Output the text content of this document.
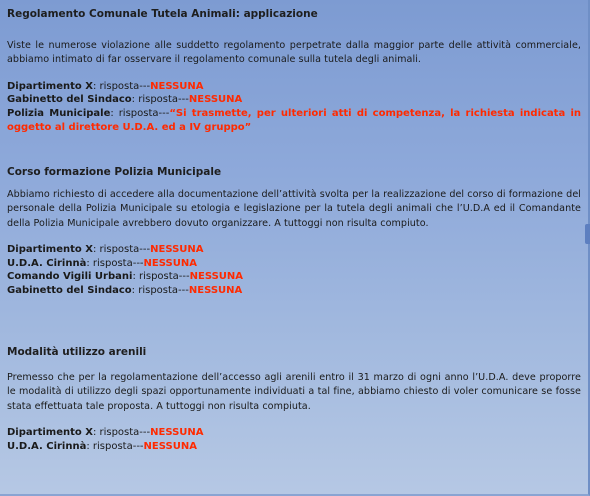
Regolamento Comunale Tutela Animali: applicazione

Viste le numerose violazione alle suddetto regolamento perpetrate dalla maggior parte delle attività commerciale, abbiamo intimato di far osservare il regolamento comunale sulla tutela degli animali.

Dipartimento X: risposta---NESSUNA

Gabinetto del Sindaco: risposta---NESSUNA

Polizia Municipale: risposta---“Si trasmette, per ulteriori atti di competenza, la richiesta indicata in oggetto al direttore U.D.A. ed a IV gruppo”

Corso formazione Polizia Municipale

Abbiamo richiesto di accedere alla documentazione dell’attività svolta per la realizzazione del corso di formazione del personale della Polizia Municipale su etologia e legislazione per la tutela degli animali che l’U.D.A ed il Comandante della Polizia Municipale avrebbero dovuto organizzare. A tuttoggi non risulta compiuto.

Dipartimento X: risposta---NESSUNA

U.D.A. Cirinnà: risposta---NESSUNA

Comando Vigili Urbani: risposta---NESSUNA

Gabinetto del Sindaco: risposta---NESSUNA

Modalità utilizzo arenili

Premesso che per la regolamentazione dell’accesso agli arenili entro il 31 marzo di ogni anno l’U.D.A. deve proporre le modalità di utilizzo degli spazi opportunamente individuati a tal fine, abbiamo chiesto di voler comunicare se fosse stata effettuata tale proposta. A tuttoggi non risulta compiuta.

Dipartimento X: risposta---NESSUNA

U.D.A. Cirinnà: risposta---NESSUNA
